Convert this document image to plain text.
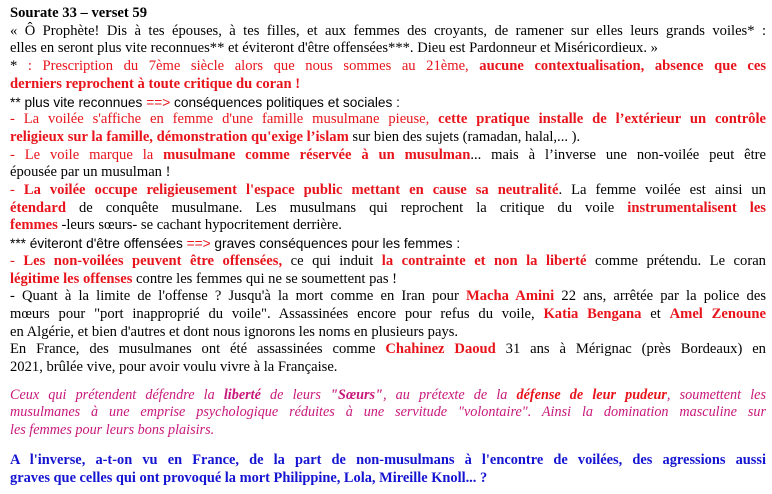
Sourate 33 – verset 59

« Ô Prophète! Dis à tes épouses, à tes filles, et aux femmes des croyants, de ramener sur elles leurs grands voiles* :

elles en seront plus vite reconnues** et éviteront d'être offensées***. Dieu est Pardonneur et Miséricordieux. »

* : Prescription du 7ème siècle alors que nous sommes au 21ème, aucune contextualisation, absence que ces

derniers reprochent à toute critique du coran !

** plus vite reconnues ==> conséquences politiques et sociales :

- La voilée s'affiche en femme d'une famille musulmane pieuse, cette pratique installe de l’extérieur un contrôle

religieux sur la famille, démonstration qu'exige l’islam sur bien des sujets (ramadan, halal,... ).

- Le voile marque la musulmane comme réservée à un musulman... mais à l’inverse une non-voilée peut être

épousée par un musulman !

- La voilée occupe religieusement l'espace public mettant en cause sa neutralité. La femme voilée est ainsi un

étendard de conquête musulmane. Les musulmans qui reprochent la critique du voile instrumentalisent les

femmes -leurs sœurs- se cachant hypocritement derrière.

*** éviteront d'être offensées ==> graves conséquences pour les femmes :

- Les non-voilées peuvent être offensées, ce qui induit la contrainte et non la liberté comme prétendu. Le coran

légitime les offenses contre les femmes qui ne se soumettent pas !

- Quant à la limite de l'offense ? Jusqu'à la mort comme en Iran pour Macha Amini 22 ans, arrêtée par la police des

mœurs pour "port inapproprié du voile". Assassinées encore pour refus du voile, Katia Bengana et Amel Zenoune

en Algérie, et bien d'autres et dont nous ignorons les noms en plusieurs pays.

En France, des musulmanes ont été assassinées comme Chahinez Daoud 31 ans à Mérignac (près Bordeaux) en

2021, brûlée vive, pour avoir voulu vivre à la Française.

Ceux qui prétendent défendre la liberté de leurs "Sœurs", au prétexte de la défense de leur pudeur, soumettent les

musulmanes à une emprise psychologique réduites à une servitude "volontaire". Ainsi la domination masculine sur

les femmes pour leurs bons plaisirs.

A l'inverse, a-t-on vu en France, de la part de non-musulmans à l'encontre de voilées, des agressions aussi

graves que celles qui ont provoqué la mort Philippine, Lola, Mireille Knoll... ?
